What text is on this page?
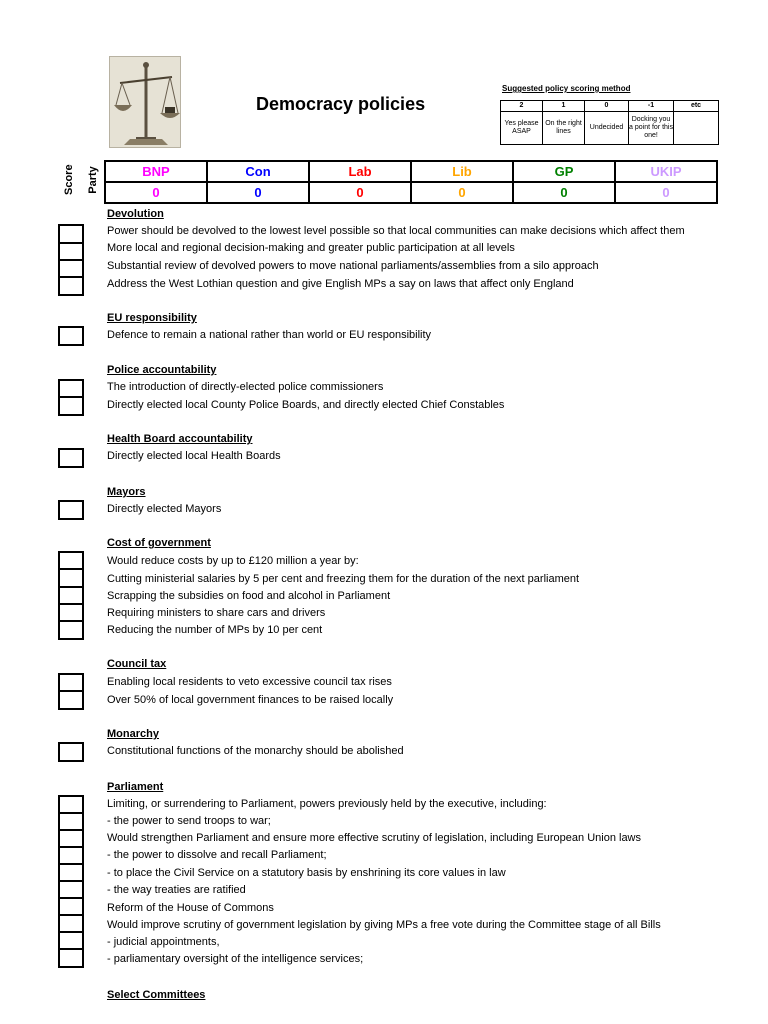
Democracy policies
Suggested policy scoring method
2	1	0	-1	etc
Yes please ASAP	On the right lines	Undecided	Docking you a point for this one!	
Score Party	BNP	Con	Lab	Lib	GP	UKIP
0	0	0	0	0	0
Devolution
Power should be devolved to the lowest level possible so that local communities can make decisions which affect them
More local and regional decision-making and greater public participation at all levels
Substantial review of devolved powers to move national parliaments/assemblies from a silo approach
Address the West Lothian question and give English MPs a say on laws that affect only England
EU responsibility
Defence to remain a national rather than world or EU responsibility
Police accountability
The introduction of directly-elected police commissioners
Directly elected local County Police Boards, and directly elected Chief Constables
Health Board accountability
Directly elected local Health Boards
Mayors
Directly elected Mayors
Cost of government
Would reduce costs by up to £120 million a year by:
Cutting ministerial salaries by 5 per cent and freezing them for the duration of the next parliament
Scrapping the subsidies on food and alcohol in Parliament
Requiring ministers to share cars and drivers
Reducing the number of MPs by 10 per cent
Council tax
Enabling local residents to veto excessive council tax rises
Over 50% of local government finances to be raised locally
Monarchy
Constitutional functions of the monarchy should be abolished
Parliament
Limiting, or surrendering to Parliament, powers previously held by the executive, including:
- the power to send troops to war;
Would strengthen Parliament and ensure more effective scrutiny of legislation, including European Union laws
- the power to dissolve and recall Parliament;
- to place the Civil Service on a statutory basis by enshrining its core values in law
- the way treaties are ratified
Reform of the House of Commons
Would improve scrutiny of government legislation by giving MPs a free vote during the Committee stage of all Bills
- judicial appointments,
- parliamentary oversight of the intelligence services;
Select Committees
